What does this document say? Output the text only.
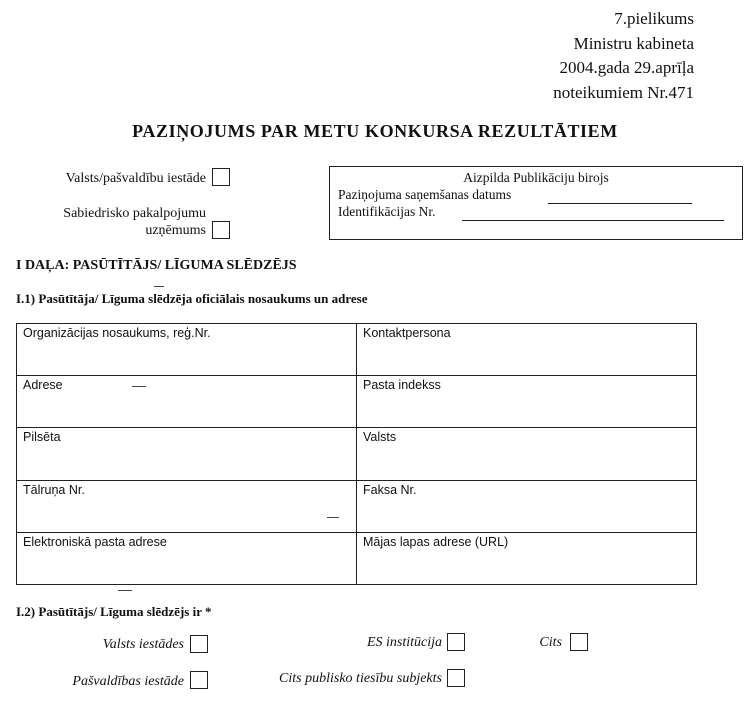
7.pielikums
Ministru kabineta
2004.gada 29.aprīļa
noteikumiem Nr.471
PAZIŅOJUMS PAR METU KONKURSA REZULTĀTIEM
Valsts/pašvaldību iestāde
Sabiedrisko pakalpojumu
uzņēmums
Aizpilda Publikāciju birojs
Paziņojuma saņemšanas datums
Identifikācijas Nr.
I DAĻA: PASŪTĪTĀJS/ LĪGUMA SLĒDZĒJS
I.1) Pasūtītāja/ Līguma slēdzēja oficiālais nosaukums un adrese
Organizācijas nosaukums, reģ.Nr.	Kontaktpersona
Adrese	Pasta indekss
Pilsēta	Valsts
Tālruņa Nr.	Faksa Nr.
Elektroniskā pasta adrese	Mājas lapas adrese (URL)
I.2) Pasūtītājs/ Līguma slēdzējs ir *
Valsts iestādes	ES institūcija	Cits
Pašvaldības iestāde	Cits publisko tiesību subjekts
